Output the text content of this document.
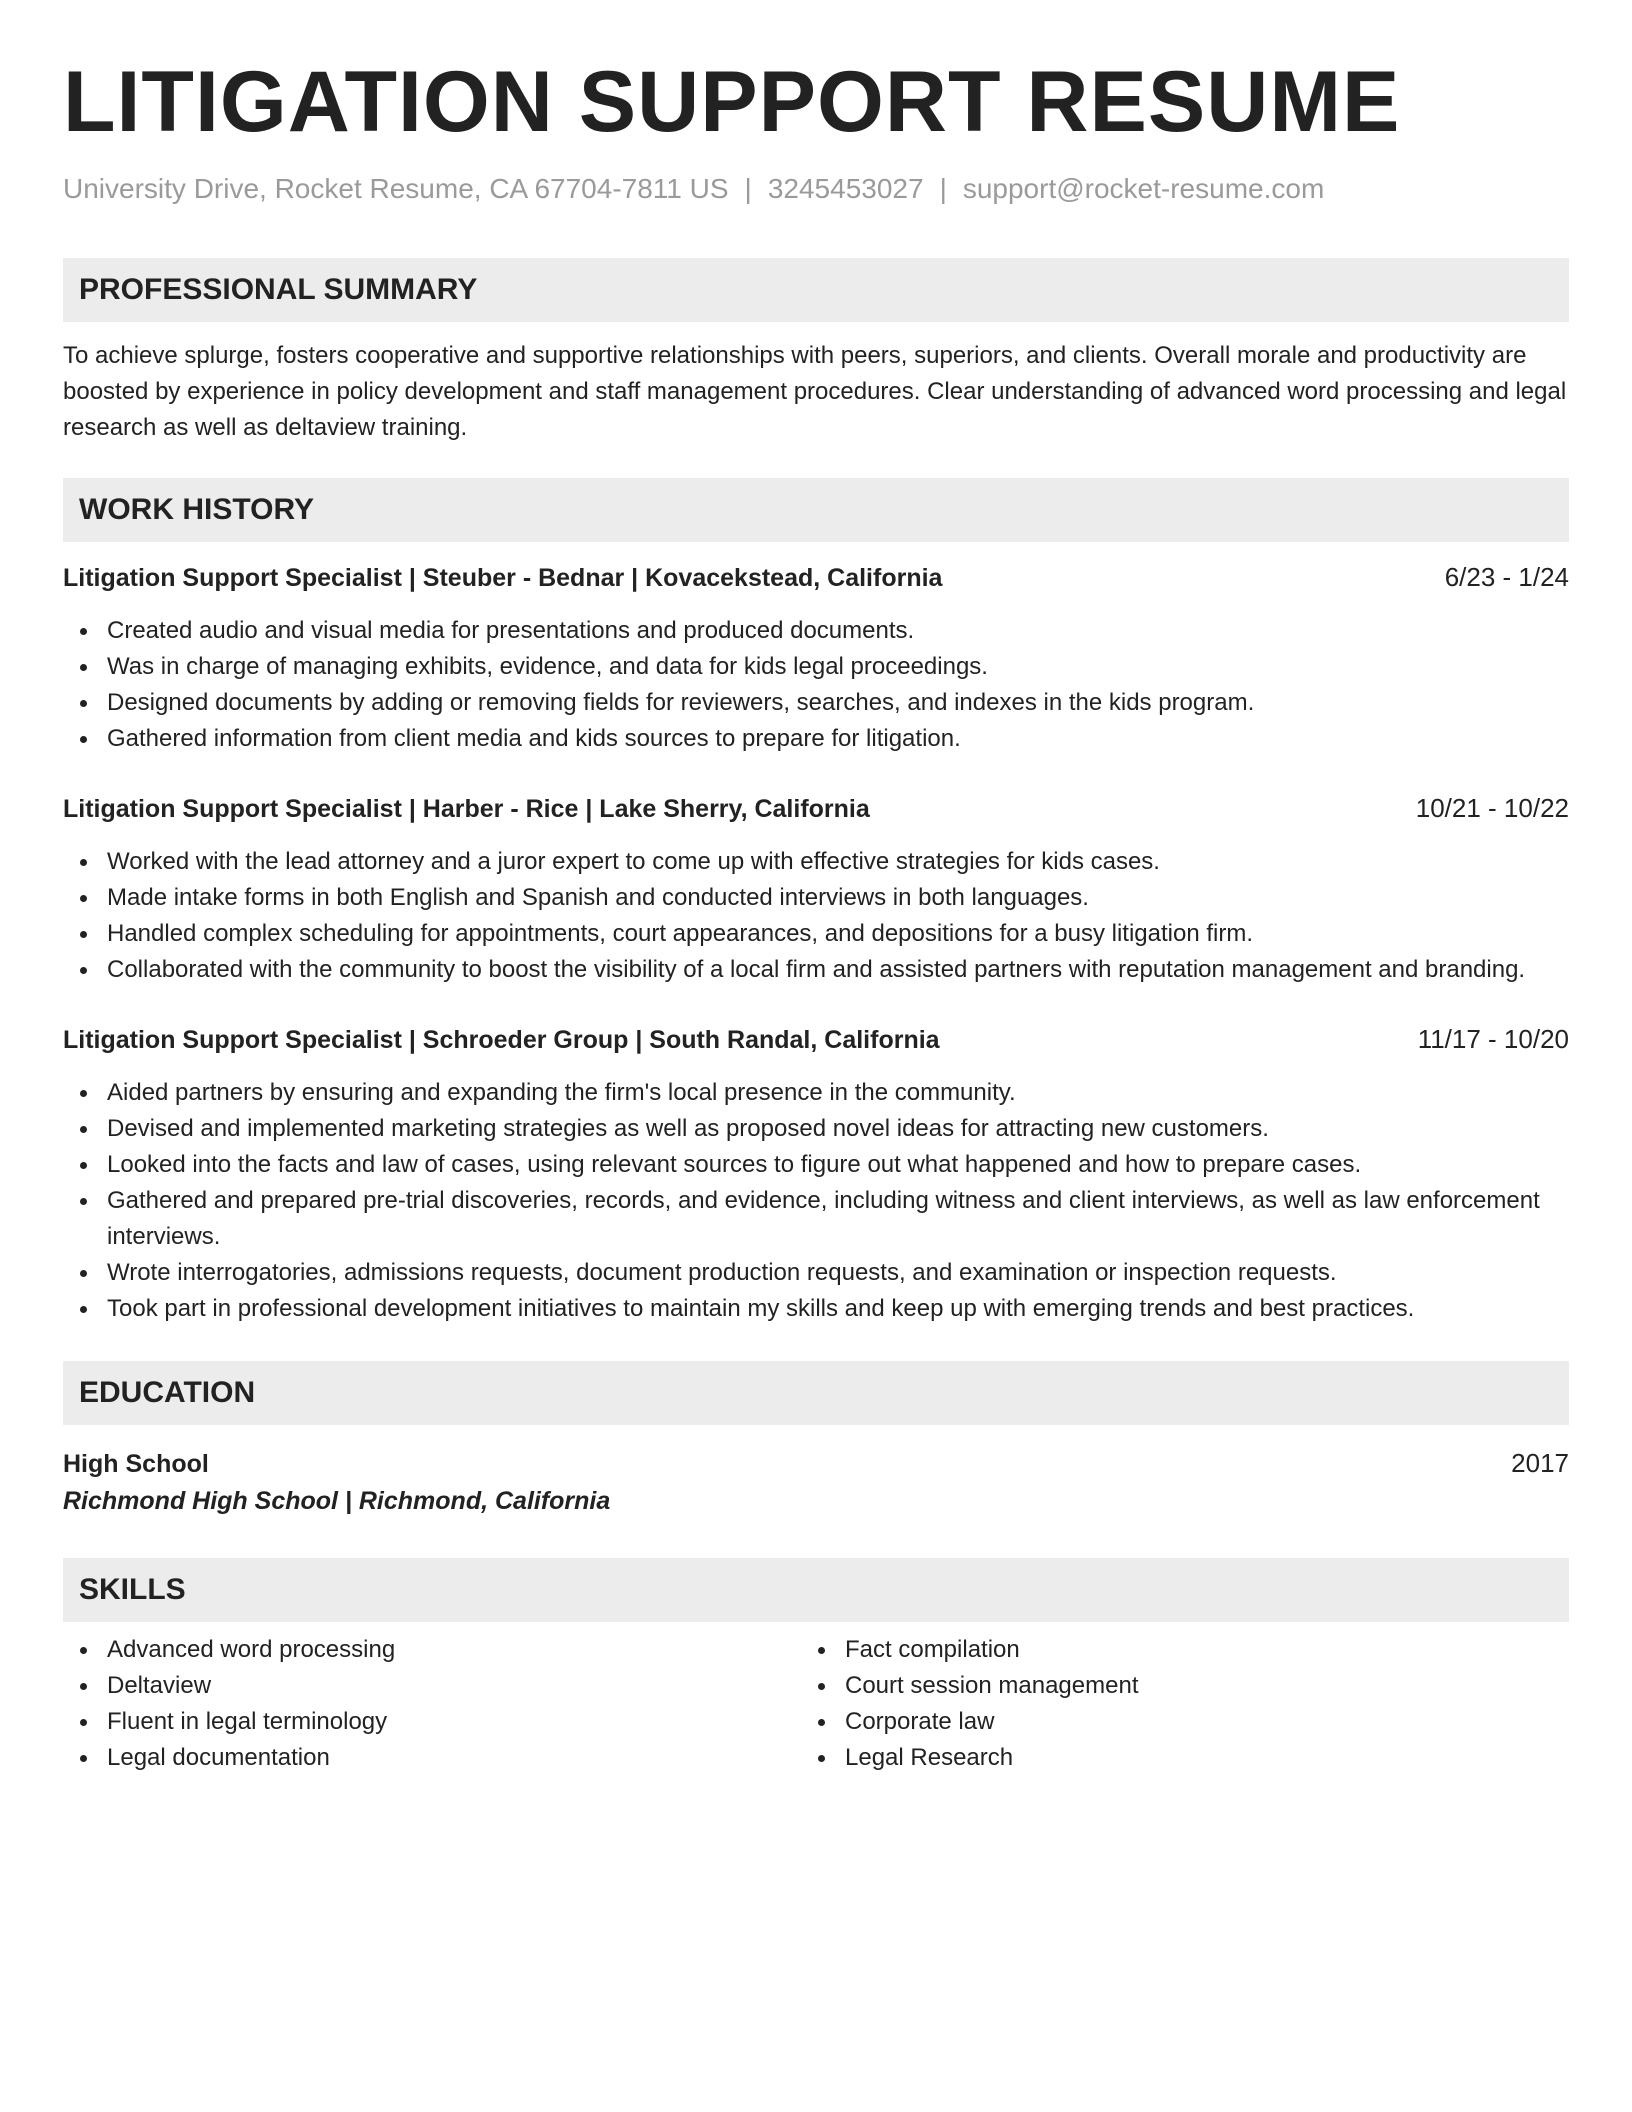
LITIGATION SUPPORT RESUME
University Drive, Rocket Resume, CA 67704-7811 US | 3245453027 | support@rocket-resume.com
PROFESSIONAL SUMMARY
To achieve splurge, fosters cooperative and supportive relationships with peers, superiors, and clients. Overall morale and productivity are boosted by experience in policy development and staff management procedures. Clear understanding of advanced word processing and legal research as well as deltaview training.
WORK HISTORY
Litigation Support Specialist | Steuber - Bednar | Kovacekstead, California	6/23 - 1/24
Created audio and visual media for presentations and produced documents.
Was in charge of managing exhibits, evidence, and data for kids legal proceedings.
Designed documents by adding or removing fields for reviewers, searches, and indexes in the kids program.
Gathered information from client media and kids sources to prepare for litigation.
Litigation Support Specialist | Harber - Rice | Lake Sherry, California	10/21 - 10/22
Worked with the lead attorney and a juror expert to come up with effective strategies for kids cases.
Made intake forms in both English and Spanish and conducted interviews in both languages.
Handled complex scheduling for appointments, court appearances, and depositions for a busy litigation firm.
Collaborated with the community to boost the visibility of a local firm and assisted partners with reputation management and branding.
Litigation Support Specialist | Schroeder Group | South Randal, California	11/17 - 10/20
Aided partners by ensuring and expanding the firm's local presence in the community.
Devised and implemented marketing strategies as well as proposed novel ideas for attracting new customers.
Looked into the facts and law of cases, using relevant sources to figure out what happened and how to prepare cases.
Gathered and prepared pre-trial discoveries, records, and evidence, including witness and client interviews, as well as law enforcement interviews.
Wrote interrogatories, admissions requests, document production requests, and examination or inspection requests.
Took part in professional development initiatives to maintain my skills and keep up with emerging trends and best practices.
EDUCATION
High School	2017
Richmond High School | Richmond, California
SKILLS
Advanced word processing
Deltaview
Fluent in legal terminology
Legal documentation
Fact compilation
Court session management
Corporate law
Legal Research
